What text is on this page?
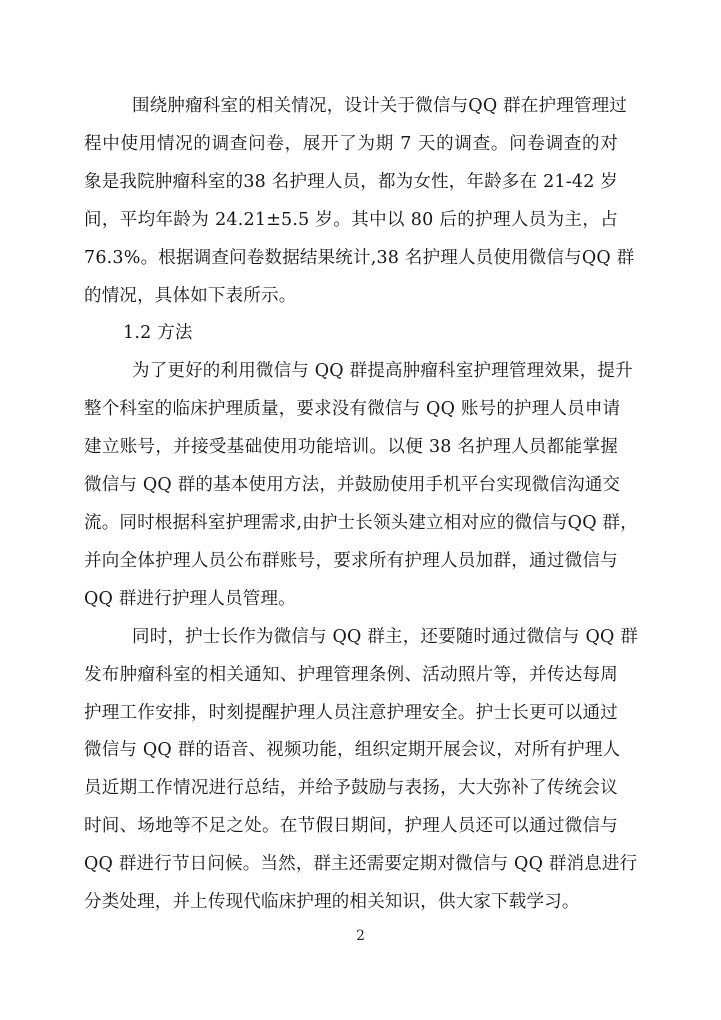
围绕肿瘤科室的相关情况，设计关于微信与QQ 群在护理管理过
程中使用情况的调查问卷，展开了为期 7 天的调查。问卷调查的对
象是我院肿瘤科室的38 名护理人员，都为女性，年龄多在 21-42 岁
间，平均年龄为 24.21±5.5 岁。其中以 80 后的护理人员为主，占
76.3%。根据调查问卷数据结果统计,38 名护理人员使用微信与QQ 群
的情况，具体如下表所示。
1.2 方法
为了更好的利用微信与 QQ 群提高肿瘤科室护理管理效果，提升
整个科室的临床护理质量，要求没有微信与 QQ 账号的护理人员申请
建立账号，并接受基础使用功能培训。以便 38 名护理人员都能掌握
微信与 QQ 群的基本使用方法，并鼓励使用手机平台实现微信沟通交
流。同时根据科室护理需求,由护士长领头建立相对应的微信与QQ 群，
并向全体护理人员公布群账号，要求所有护理人员加群，通过微信与
QQ 群进行护理人员管理。
同时，护士长作为微信与 QQ 群主，还要随时通过微信与 QQ 群
发布肿瘤科室的相关通知、护理管理条例、活动照片等，并传达每周
护理工作安排，时刻提醒护理人员注意护理安全。护士长更可以通过
微信与 QQ 群的语音、视频功能，组织定期开展会议，对所有护理人
员近期工作情况进行总结，并给予鼓励与表扬，大大弥补了传统会议
时间、场地等不足之处。在节假日期间，护理人员还可以通过微信与
QQ 群进行节日问候。当然，群主还需要定期对微信与 QQ 群消息进行
分类处理，并上传现代临床护理的相关知识，供大家下载学习。
2
